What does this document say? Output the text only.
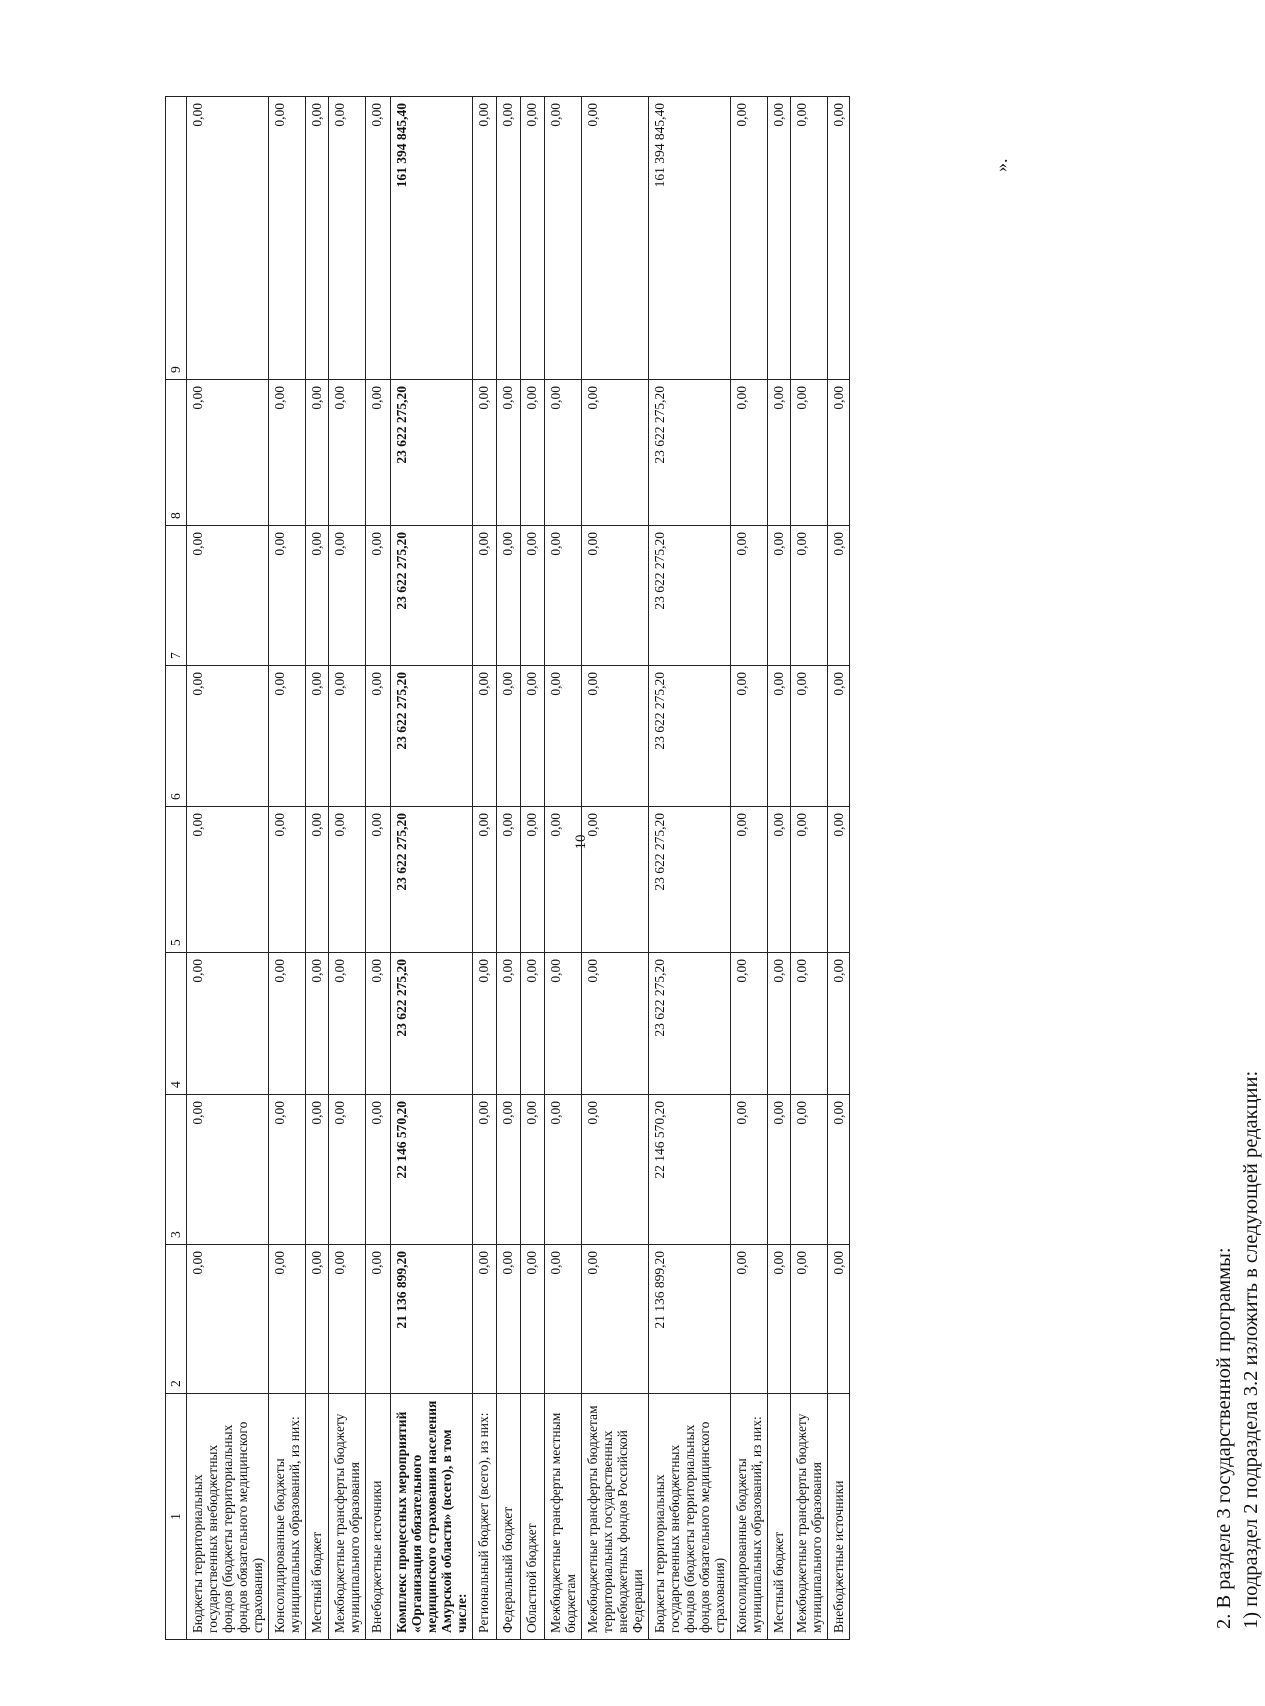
10
1	2	3	4	5	6	7	8	9
Бюджеты территориальных государственных внебюджетных фондов (бюджеты территориальных фондов обязательного медицинского страхования)	0,00	0,00	0,00	0,00	0,00	0,00	0,00	0,00
Консолидированные бюджеты муниципальных образований, из них:	0,00	0,00	0,00	0,00	0,00	0,00	0,00	0,00
Местный бюджет	0,00	0,00	0,00	0,00	0,00	0,00	0,00	0,00
Межбюджетные трансферты бюджету муниципального образования	0,00	0,00	0,00	0,00	0,00	0,00	0,00	0,00
Внебюджетные источники	0,00	0,00	0,00	0,00	0,00	0,00	0,00	0,00
Комплекс процессных мероприятий «Организация обязательного медицинского страхования населения Амурской области» (всего), в том числе:	21 136 899,20	22 146 570,20	23 622 275,20	23 622 275,20	23 622 275,20	23 622 275,20	23 622 275,20	161 394 845,40
Региональный бюджет (всего), из них:	0,00	0,00	0,00	0,00	0,00	0,00	0,00	0,00
Федеральный бюджет	0,00	0,00	0,00	0,00	0,00	0,00	0,00	0,00
Областной бюджет	0,00	0,00	0,00	0,00	0,00	0,00	0,00	0,00
Межбюджетные трансферты местным бюджетам	0,00	0,00	0,00	0,00	0,00	0,00	0,00	0,00
Межбюджетные трансферты бюджетам территориальных государственных внебюджетных фондов Российской Федерации	0,00	0,00	0,00	0,00	0,00	0,00	0,00	0,00
Бюджеты территориальных государственных внебюджетных фондов (бюджеты территориальных фондов обязательного медицинского страхования)	21 136 899,20	22 146 570,20	23 622 275,20	23 622 275,20	23 622 275,20	23 622 275,20	23 622 275,20	161 394 845,40
Консолидированные бюджеты муниципальных образований, из них:	0,00	0,00	0,00	0,00	0,00	0,00	0,00	0,00
Местный бюджет	0,00	0,00	0,00	0,00	0,00	0,00	0,00	0,00
Межбюджетные трансферты бюджету муниципального образования	0,00	0,00	0,00	0,00	0,00	0,00	0,00	0,00
Внебюджетные источники	0,00	0,00	0,00	0,00	0,00	0,00	0,00	0,00
».
2. В разделе 3 государственной программы: 1) подраздел 2 подраздела 3.2 изложить в следующей редакции:
